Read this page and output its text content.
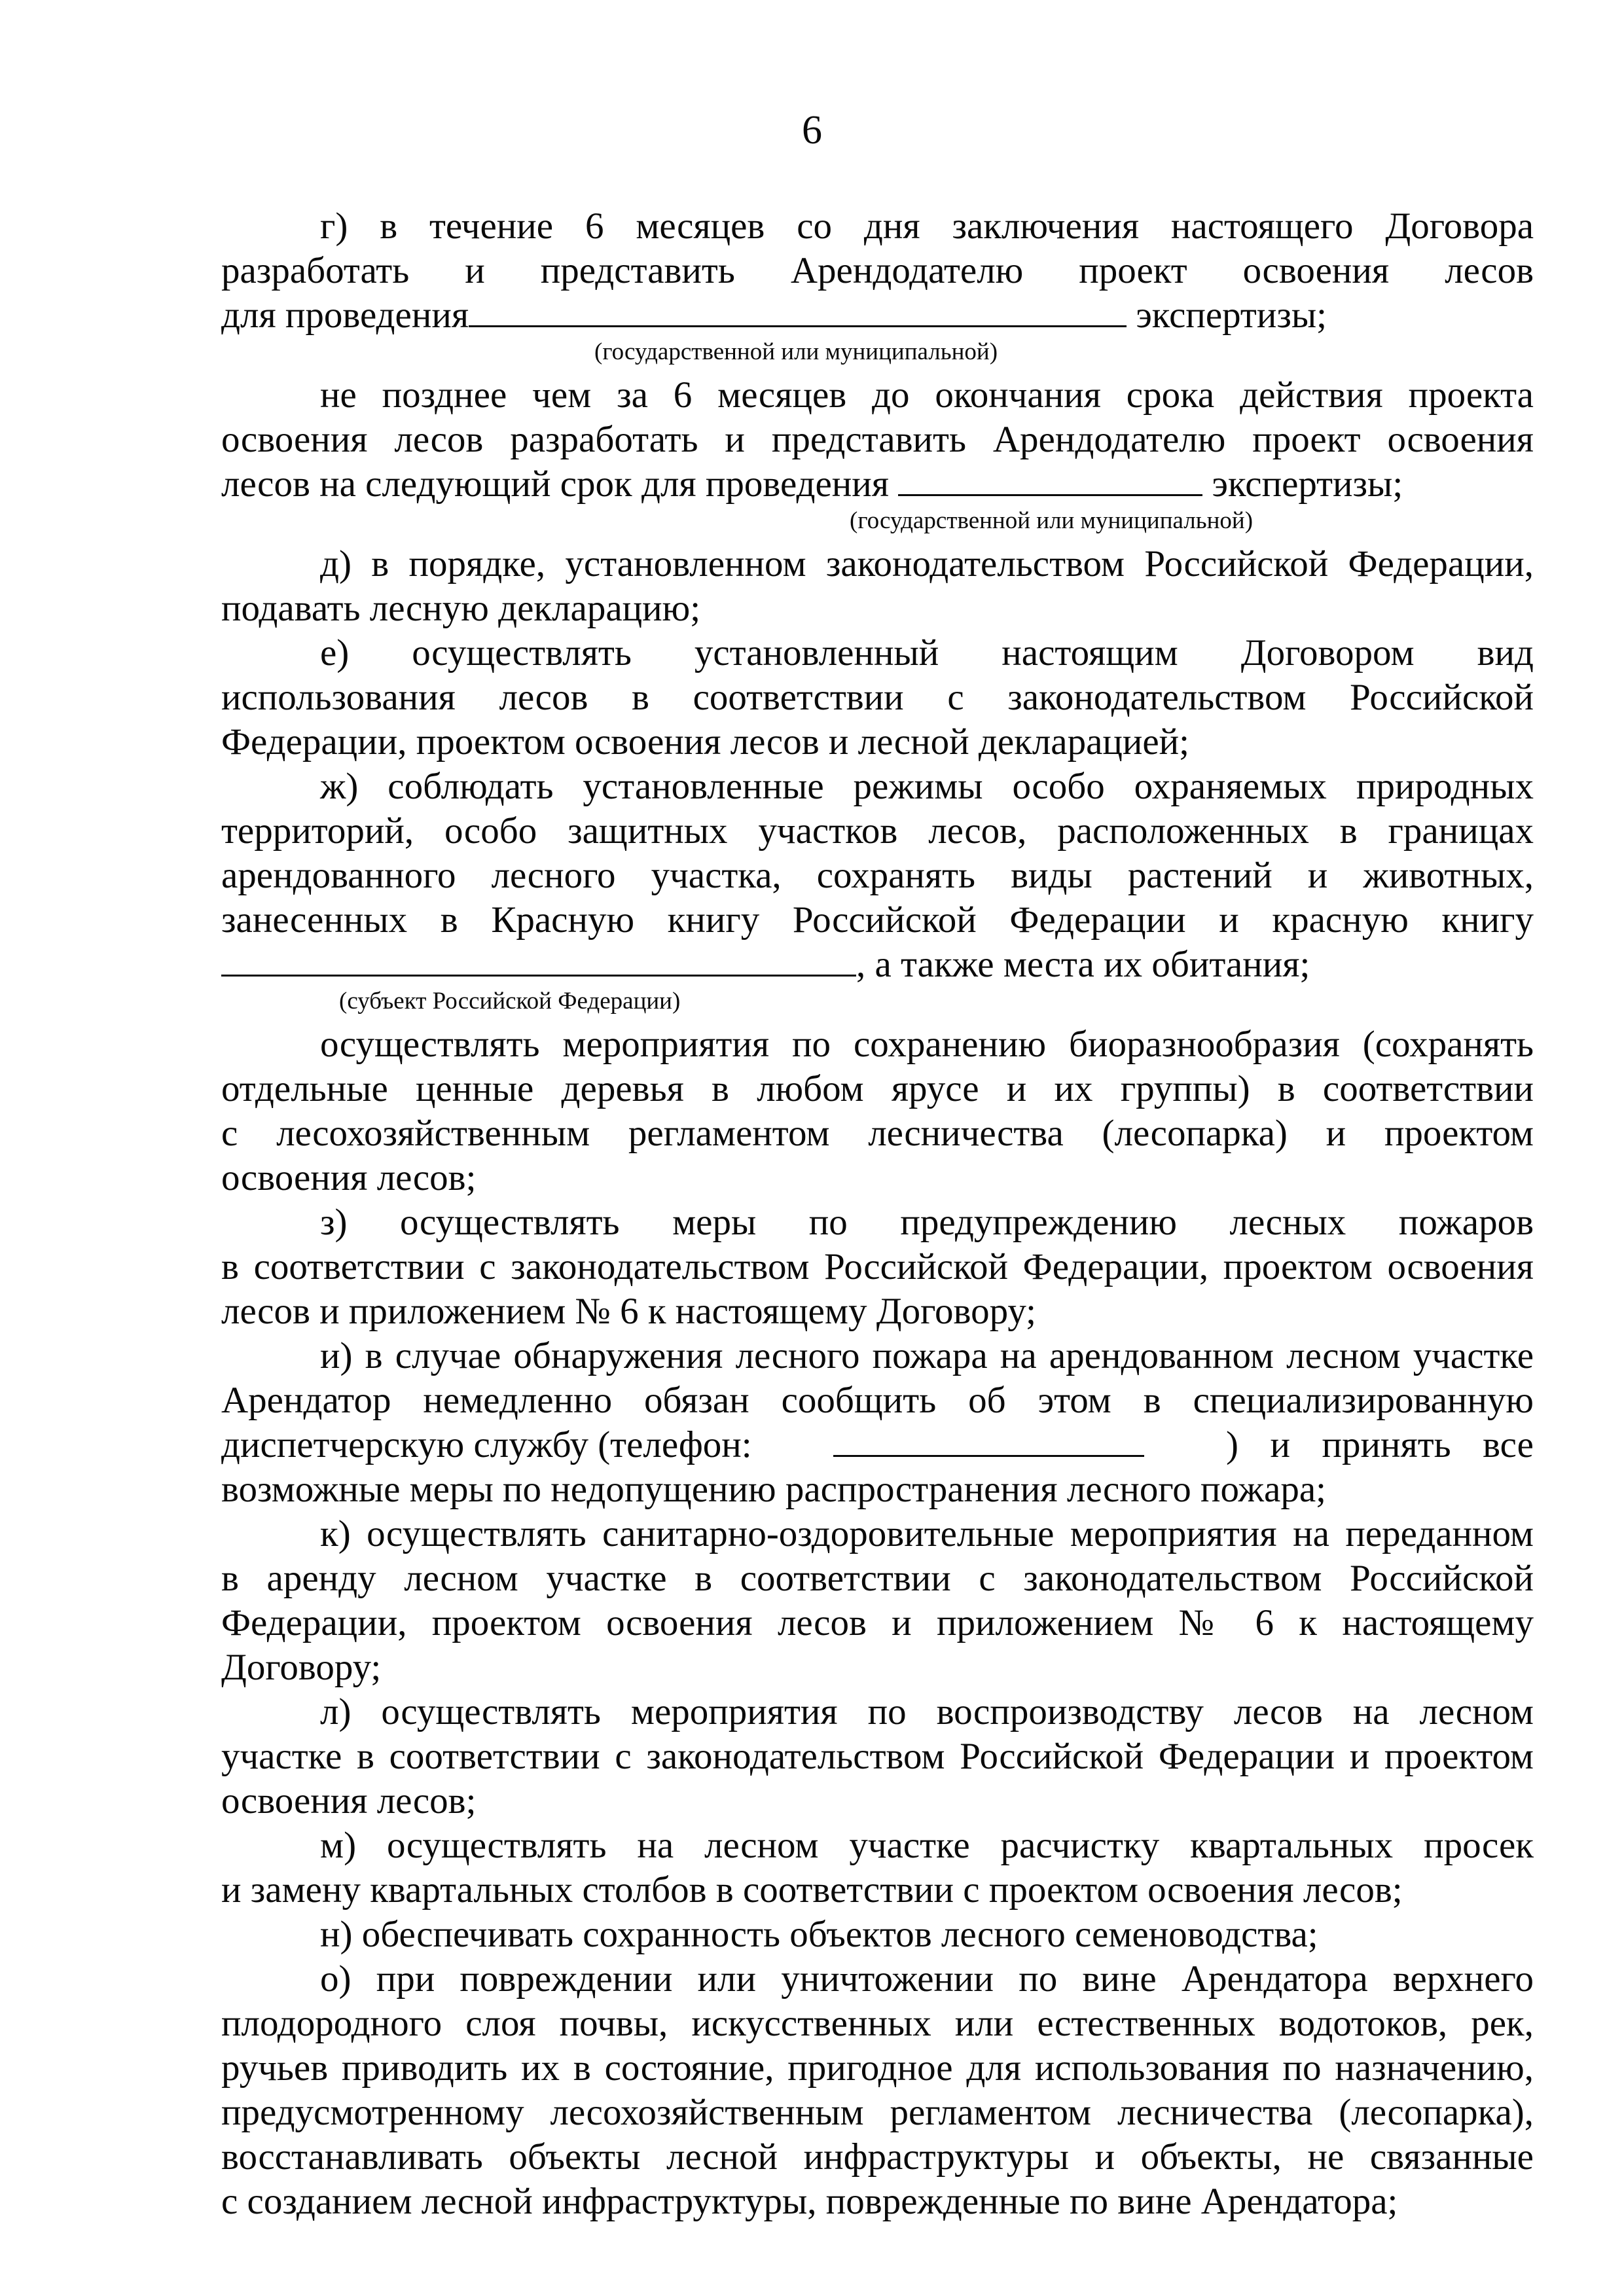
6
г) в течение 6 месяцев со дня заключения настоящего Договора
разработать и представить Арендодателю проект освоения лесов
для проведения	экспертизы;
(государственной или муниципальной)
не позднее чем за 6 месяцев до окончания срока действия проекта
освоения лесов разработать и представить Арендодателю проект освоения
лесов на следующий срок для проведения	экспертизы;
(государственной или муниципальной)
д) в порядке, установленном законодательством Российской Федерации,
подавать лесную декларацию;
е) осуществлять установленный настоящим Договором вид
использования лесов в соответствии с законодательством Российской
Федерации, проектом освоения лесов и лесной декларацией;
ж) соблюдать установленные режимы особо охраняемых природных
территорий, особо защитных участков лесов, расположенных в границах
арендованного лесного участка, сохранять виды растений и животных,
занесенных в Красную книгу Российской Федерации и красную книгу
, а также места их обитания;
(субъект Российской Федерации)
осуществлять мероприятия по сохранению биоразнообразия (сохранять
отдельные ценные деревья в любом ярусе и их группы) в соответствии
с лесохозяйственным регламентом лесничества (лесопарка) и проектом
освоения лесов;
з) осуществлять меры по предупреждению лесных пожаров
в соответствии с законодательством Российской Федерации, проектом освоения
лесов и приложением № 6 к настоящему Договору;
и) в случае обнаружения лесного пожара на арендованном лесном участке
Арендатор немедленно обязан сообщить об этом в специализированную
диспетчерскую службу (телефон:	) и принять все
возможные меры по недопущению распространения лесного пожара;
к) осуществлять санитарно-оздоровительные мероприятия на переданном
в аренду лесном участке в соответствии с законодательством Российской
Федерации, проектом освоения лесов и приложением № 6 к настоящему
Договору;
л) осуществлять мероприятия по воспроизводству лесов на лесном
участке в соответствии с законодательством Российской Федерации и проектом
освоения лесов;
м) осуществлять на лесном участке расчистку квартальных просек
и замену квартальных столбов в соответствии с проектом освоения лесов;
н) обеспечивать сохранность объектов лесного семеноводства;
о) при повреждении или уничтожении по вине Арендатора верхнего
плодородного слоя почвы, искусственных или естественных водотоков, рек,
ручьев приводить их в состояние, пригодное для использования по назначению,
предусмотренному лесохозяйственным регламентом лесничества (лесопарка),
восстанавливать объекты лесной инфраструктуры и объекты, не связанные
с созданием лесной инфраструктуры, поврежденные по вине Арендатора;
